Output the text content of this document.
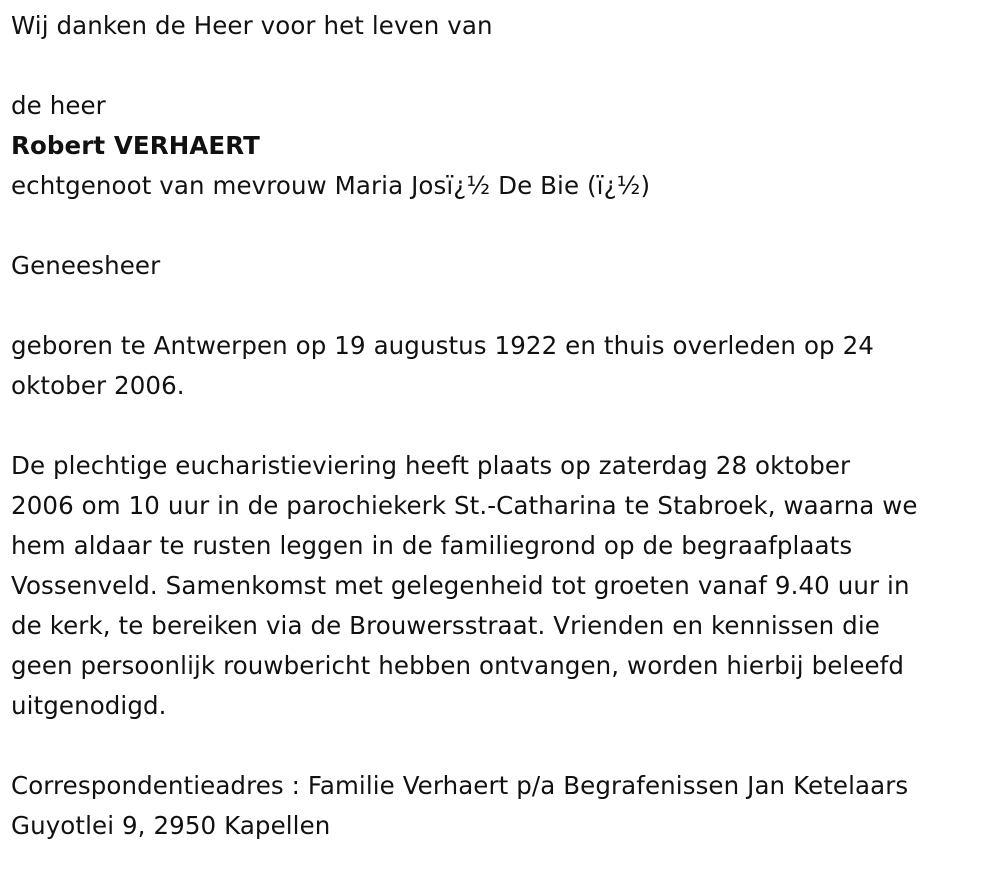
Wij danken de Heer voor het leven van

de heer

Robert VERHAERT

echtgenoot van mevrouw Maria Josï¿½ De Bie (ï¿½)

Geneesheer

geboren te Antwerpen op 19 augustus 1922 en thuis overleden op 24

oktober 2006.

De plechtige eucharistieviering heeft plaats op zaterdag 28 oktober

2006 om 10 uur in de parochiekerk St.-Catharina te Stabroek, waarna we

hem aldaar te rusten leggen in de familiegrond op de begraafplaats

Vossenveld. Samenkomst met gelegenheid tot groeten vanaf 9.40 uur in

de kerk, te bereiken via de Brouwersstraat. Vrienden en kennissen die

geen persoonlijk rouwbericht hebben ontvangen, worden hierbij beleefd

uitgenodigd.

Correspondentieadres : Familie Verhaert p/a Begrafenissen Jan Ketelaars

Guyotlei 9, 2950 Kapellen
